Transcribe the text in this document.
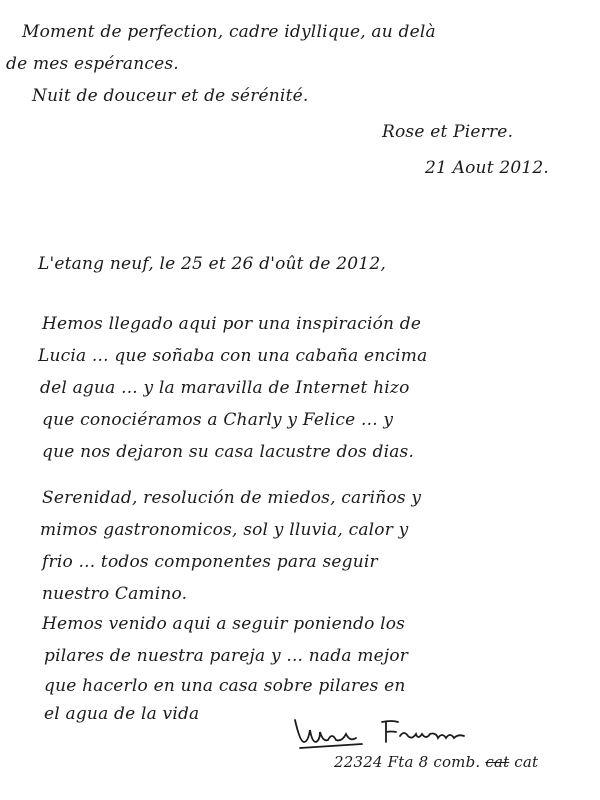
Moment de perfection, cadre idyllique, au delà
de mes espérances.
Nuit de douceur et de sérénité.
Rose et Pierre.
21 Aout 2012.
L'etang neuf, le 25 et 26 d'oût de 2012,
Hemos llegado aqui por una inspiración de
Lucia ... que soñaba con una cabaña encima
del agua ... y la maravilla de Internet hizo
que conociéramos a Charly y Felice ... y
que nos dejaron su casa lacustre dos dias.
Serenidad, resolución de miedos, cariños y
mimos gastronomicos, sol y lluvia, calor y
frio ... todos componentes para seguir
nuestro Camino.
Hemos venido aqui a seguir poniendo los
pilares de nuestra pareja y ... nada mejor
que hacerlo en una casa sobre pilares en
el agua de la vida
22324 Fta 8 comb. cat cat
